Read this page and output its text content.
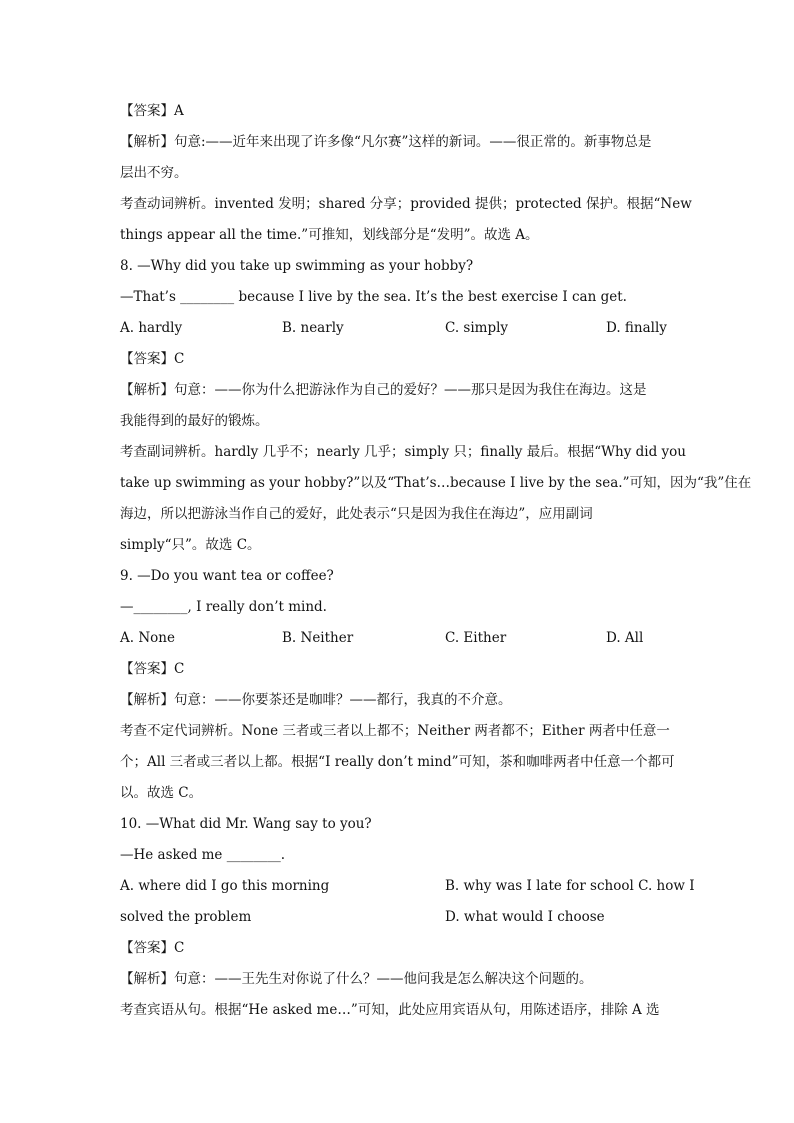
【答案】A
【解析】句意:——近年来出现了许多像“凡尔赛”这样的新词。——很正常的。新事物总是
层出不穷。
考查动词辨析。invented 发明；shared 分享；provided 提供；protected 保护。根据“New
things appear all the time.”可推知，划线部分是“发明”。故选 A。
8. —Why did you take up swimming as your hobby?
—That’s ________ because I live by the sea. It’s the best exercise I can get.
A. hardly	B. nearly	C. simply	D. finally
【答案】C
【解析】句意：——你为什么把游泳作为自己的爱好？——那只是因为我住在海边。这是
我能得到的最好的锻炼。
考查副词辨析。hardly 几乎不；nearly 几乎；simply 只；finally 最后。根据“Why did you
take up swimming as your hobby?”以及“That’s…because I live by the sea.”可知，因为“我”住在
海边，所以把游泳当作自己的爱好，此处表示“只是因为我住在海边”，应用副词
simply“只”。故选 C。
9. —Do you want tea or coffee?
—________, I really don’t mind.
A. None	B. Neither	C. Either	D. All
【答案】C
【解析】句意：——你要茶还是咖啡？——都行，我真的不介意。
考查不定代词辨析。None 三者或三者以上都不；Neither 两者都不；Either 两者中任意一
个；All 三者或三者以上都。根据“I really don’t mind”可知，茶和咖啡两者中任意一个都可
以。故选 C。
10. —What did Mr. Wang say to you?
—He asked me ________.
A. where did I go this morning	B. why was I late for school C. how I
solved the problem	D. what would I choose
【答案】C
【解析】句意：——王先生对你说了什么？——他问我是怎么解决这个问题的。
考查宾语从句。根据“He asked me…”可知，此处应用宾语从句，用陈述语序，排除 A 选
